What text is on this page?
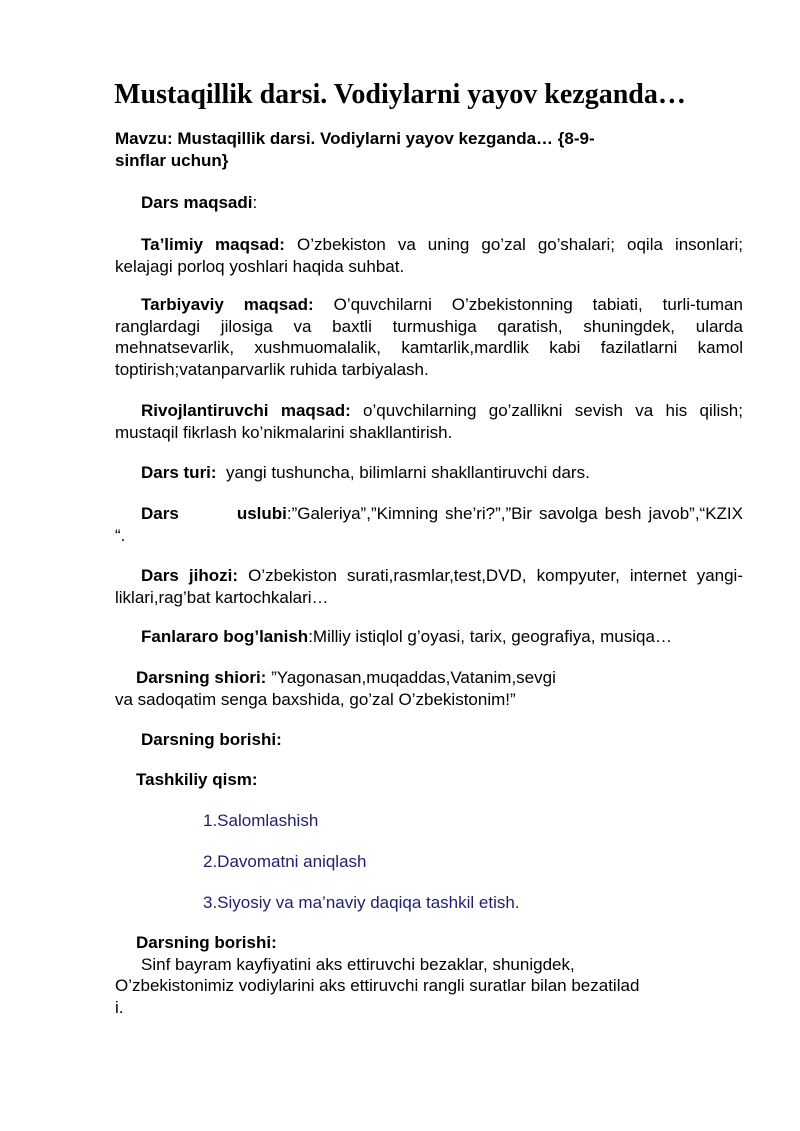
Mustaqillik darsi. Vodiylarni yayov kezganda…

Mavzu: Mustaqillik darsi. Vodiylarni yayov kezganda… {8-9-
sinflar uchun}

Dars maqsadi:

Ta’limiy maqsad: O’zbekiston va uning go’zal go’shalari; oqila insonlari; kelajagi porloq yoshlari haqida suhbat.

Tarbiyaviy maqsad: O’quvchilarni O’zbekistonning tabiati, turli-tuman ranglardagi jilosiga va baxtli turmushiga qaratish, shuningdek, ularda mehnatsevarlik, xushmuomalalik, kamtarlik,mardlik kabi fazilatlarni kamol toptirish;vatanparvarlik ruhida tarbiyalash.

Rivojlantiruvchi maqsad: o’quvchilarning go’zallikni sevish va his qilish; mustaqil fikrlash ko’nikmalarini shakllantirish.

Dars turi: yangi tushuncha, bilimlarni shakllantiruvchi dars.

Dars	uslubi:”Galeriya”,”Kimning she’ri?”,”Bir savolga besh javob”,“KZIX “.

Dars jihozi: O’zbekiston surati,rasmlar,test,DVD, kompyuter, internet yangi- liklari,rag’bat kartochkalari…

Fanlararo bog’lanish:Milliy istiqlol g’oyasi, tarix, geografiya, musiqa…

Darsning shiori: ”Yagonasan,muqaddas,Vatanim,sevgi
va sadoqatim senga baxshida, go’zal O’zbekistonim!”

Darsning borishi:

Tashkiliy qism:

1.Salomlashish

2.Davomatni aniqlash

3.Siyosiy va ma’naviy daqiqa tashkil etish.

Darsning borishi:
Sinf bayram kayfiyatini aks ettiruvchi bezaklar, shunigdek,
O’zbekistonimiz vodiylarini aks ettiruvchi rangli suratlar bilan bezatilad
i.
